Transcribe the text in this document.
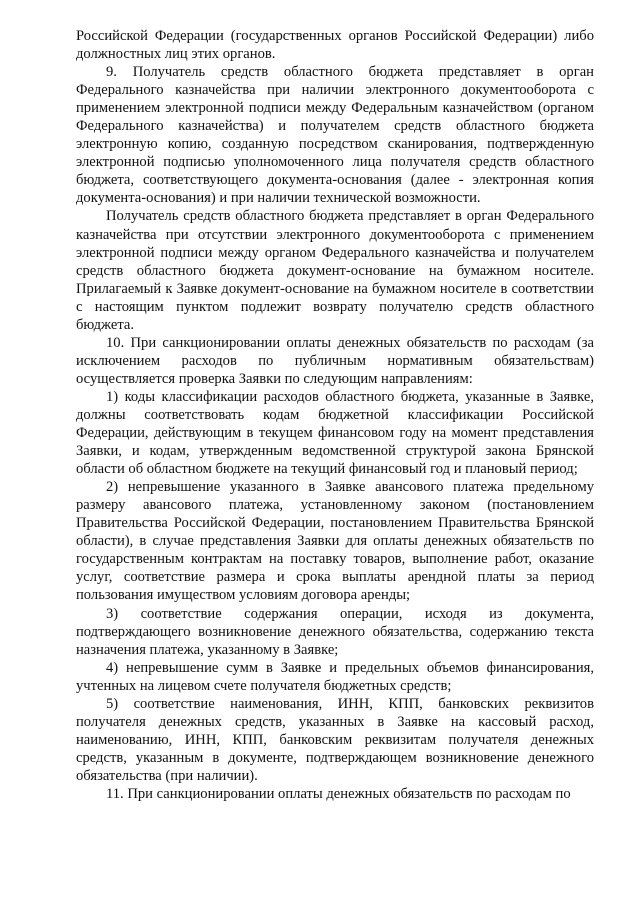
Российской Федерации (государственных органов Российской Федерации) либо должностных лиц этих органов.

9. Получатель средств областного бюджета представляет в орган Федерального казначейства при наличии электронного документооборота с применением электронной подписи между Федеральным казначейством (органом Федерального казначейства) и получателем средств областного бюджета электронную копию, созданную посредством сканирования, подтвержденную электронной подписью уполномоченного лица получателя средств областного бюджета, соответствующего документа-основания (далее - электронная копия документа-основания) и при наличии технической возможности.

Получатель средств областного бюджета представляет в орган Федерального казначейства при отсутствии электронного документооборота с применением электронной подписи между органом Федерального казначейства и получателем средств областного бюджета документ-основание на бумажном носителе. Прилагаемый к Заявке документ-основание на бумажном носителе в соответствии с настоящим пунктом подлежит возврату получателю средств областного бюджета.

10. При санкционировании оплаты денежных обязательств по расходам (за исключением расходов по публичным нормативным обязательствам) осуществляется проверка Заявки по следующим направлениям:

1) коды классификации расходов областного бюджета, указанные в Заявке, должны соответствовать кодам бюджетной классификации Российской Федерации, действующим в текущем финансовом году на момент представления Заявки, и кодам, утвержденным ведомственной структурой закона Брянской области об областном бюджете на текущий финансовый год и плановый период;

2) непревышение указанного в Заявке авансового платежа предельному размеру авансового платежа, установленному законом (постановлением Правительства Российской Федерации, постановлением Правительства Брянской области), в случае представления Заявки для оплаты денежных обязательств по государственным контрактам на поставку товаров, выполнение работ, оказание услуг, соответствие размера и срока выплаты арендной платы за период пользования имуществом условиям договора аренды;

3) соответствие содержания операции, исходя из документа, подтверждающего возникновение денежного обязательства, содержанию текста назначения платежа, указанному в Заявке;

4) непревышение сумм в Заявке и предельных объемов финансирования, учтенных на лицевом счете получателя бюджетных средств;

5) соответствие наименования, ИНН, КПП, банковских реквизитов получателя денежных средств, указанных в Заявке на кассовый расход, наименованию, ИНН, КПП, банковским реквизитам получателя денежных средств, указанным в документе, подтверждающем возникновение денежного обязательства (при наличии).

11. При санкционировании оплаты денежных обязательств по расходам по
